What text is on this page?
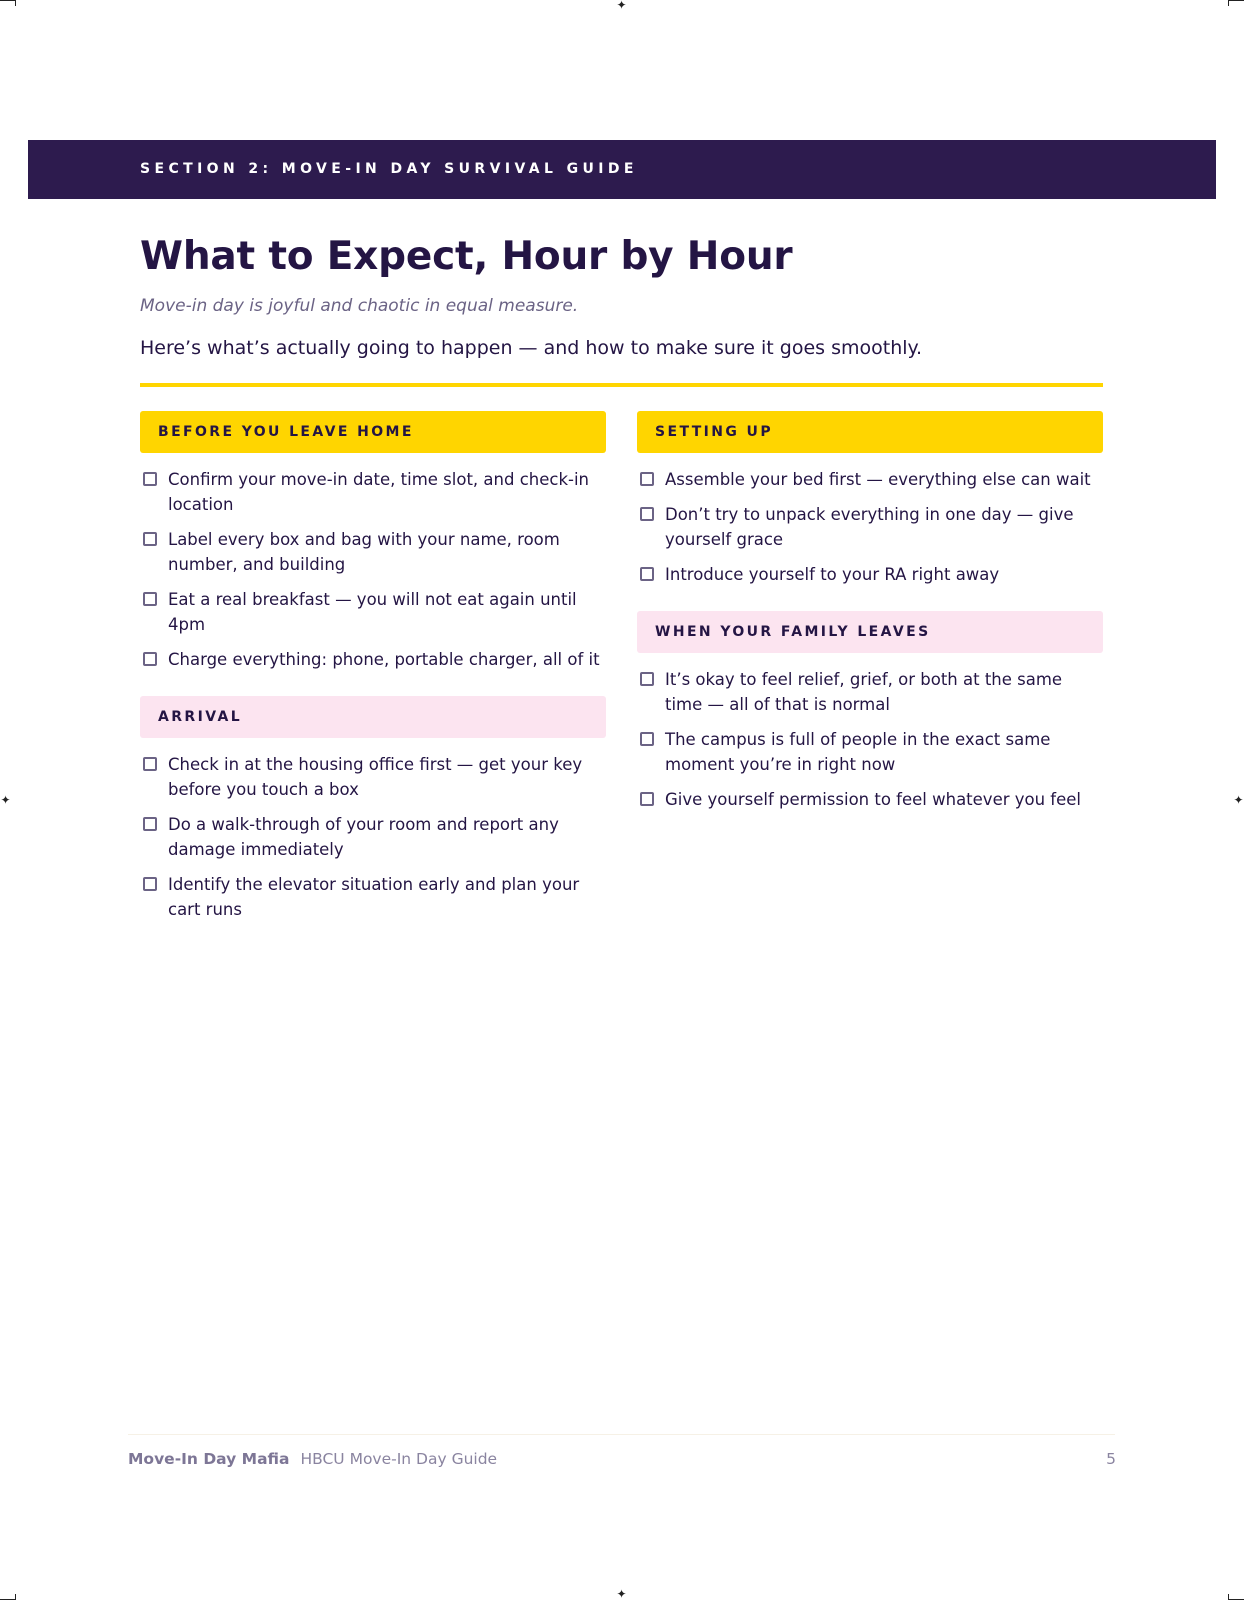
✦
✦
✦	✦
SECTION 2: MOVE-IN DAY SURVIVAL GUIDE
What to Expect, Hour by Hour

Move-in day is joyful and chaotic in equal measure.

Here’s what’s actually going to happen — and how to make sure it goes smoothly.

BEFORE YOU LEAVE HOME
Confirm your move-in date, time slot, and check-in location
Label every box and bag with your name, room number, and building
Eat a real breakfast — you will not eat again until 4pm
Charge everything: phone, portable charger, all of it
ARRIVAL
Check in at the housing office first — get your key before you touch a box
Do a walk-through of your room and report any damage immediately
Identify the elevator situation early and plan your cart runs
SETTING UP
Assemble your bed first — everything else can wait
Don’t try to unpack everything in one day — give yourself grace
Introduce yourself to your RA right away
WHEN YOUR FAMILY LEAVES
It’s okay to feel relief, grief, or both at the same time — all of that is normal
The campus is full of people in the exact same moment you’re in right now
Give yourself permission to feel whatever you feel
Move-In Day Mafia HBCU Move-In Day Guide	5
